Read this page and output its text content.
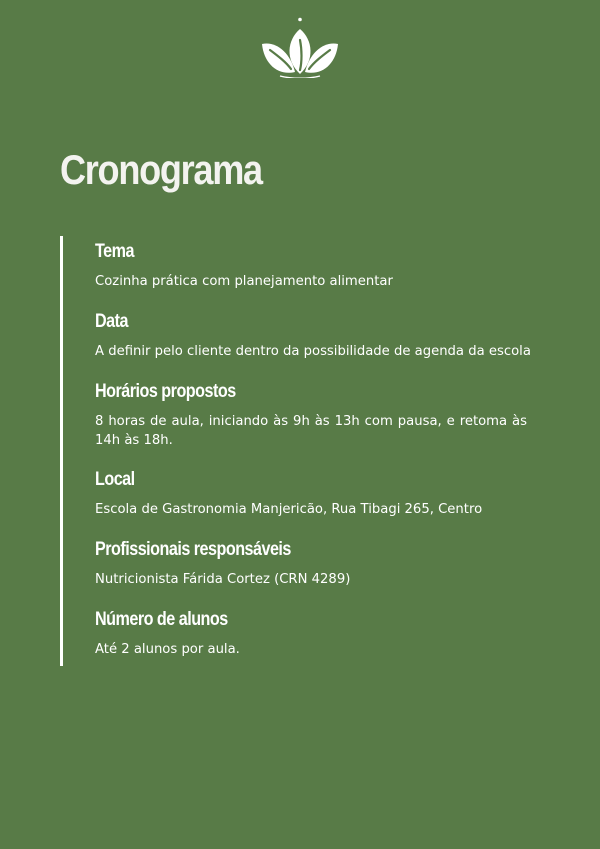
Cronograma
Tema
Cozinha prática com planejamento alimentar
Data
A definir pelo cliente dentro da possibilidade de agenda da escola
Horários propostos
8 horas de aula, iniciando às 9h às 13h com pausa, e retoma às 14h às 18h.
Local
Escola de Gastronomia Manjericão, Rua Tibagi 265, Centro
Profissionais responsáveis
Nutricionista Fárida Cortez (CRN 4289)
Número de alunos
Até 2 alunos por aula.
